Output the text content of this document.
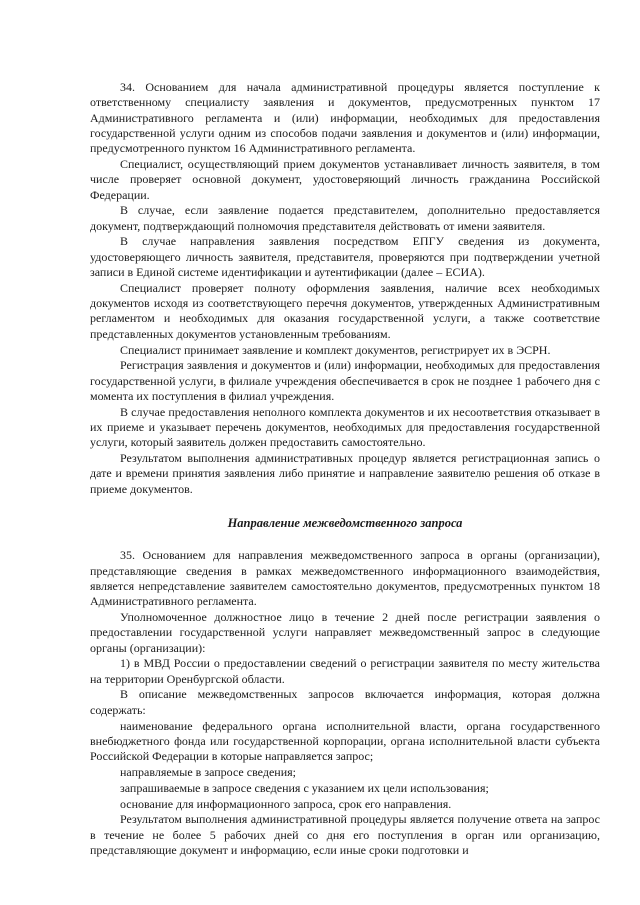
34. Основанием для начала административной процедуры является поступление к ответственному специалисту заявления и документов, предусмотренных пунктом 17 Административного регламента и (или) информации, необходимых для предоставления государственной услуги одним из способов подачи заявления и документов и (или) информации, предусмотренного пунктом 16 Административного регламента.

Специалист, осуществляющий прием документов устанавливает личность заявителя, в том числе проверяет основной документ, удостоверяющий личность гражданина Российской Федерации.

В случае, если заявление подается представителем, дополнительно предоставляется документ, подтверждающий полномочия представителя действовать от имени заявителя.

В случае направления заявления посредством ЕПГУ сведения из документа, удостоверяющего личность заявителя, представителя, проверяются при подтверждении учетной записи в Единой системе идентификации и аутентификации (далее – ЕСИА).

Специалист проверяет полноту оформления заявления, наличие всех необходимых документов исходя из соответствующего перечня документов, утвержденных Административным регламентом и необходимых для оказания государственной услуги, а также соответствие представленных документов установленным требованиям.

Специалист принимает заявление и комплект документов, регистрирует их в ЭСРН.

Регистрация заявления и документов и (или) информации, необходимых для предоставления государственной услуги, в филиале учреждения обеспечивается в срок не позднее 1 рабочего дня с момента их поступления в филиал учреждения.

В случае предоставления неполного комплекта документов и их несоответствия отказывает в их приеме и указывает перечень документов, необходимых для предоставления государственной услуги, который заявитель должен предоставить самостоятельно.

Результатом выполнения административных процедур является регистрационная запись о дате и времени принятия заявления либо принятие и направление заявителю решения об отказе в приеме документов.

Направление межведомственного запроса

35. Основанием для направления межведомственного запроса в органы (организации), представляющие сведения в рамках межведомственного информационного взаимодействия, является непредставление заявителем самостоятельно документов, предусмотренных пунктом 18 Административного регламента.

Уполномоченное должностное лицо в течение 2 дней после регистрации заявления о предоставлении государственной услуги направляет межведомственный запрос в следующие органы (организации):

1) в МВД России о предоставлении сведений о регистрации заявителя по месту жительства на территории Оренбургской области.

В описание межведомственных запросов включается информация, которая должна содержать:

наименование федерального органа исполнительной власти, органа государственного внебюджетного фонда или государственной корпорации, органа исполнительной власти субъекта Российской Федерации в которые направляется запрос;

направляемые в запросе сведения;

запрашиваемые в запросе сведения с указанием их цели использования;

основание для информационного запроса, срок его направления.

Результатом выполнения административной процедуры является получение ответа на запрос в течение не более 5 рабочих дней со дня его поступления в орган или организацию, представляющие документ и информацию, если иные сроки подготовки и
